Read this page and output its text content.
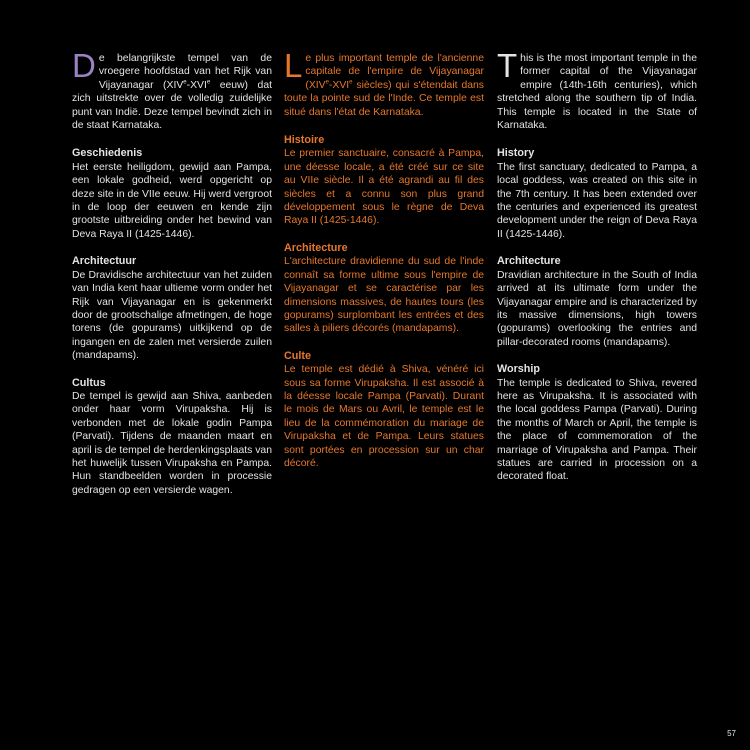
De belangrijkste tempel van de vroegere hoofdstad van het Rijk van Vijayanagar (XIVe-XVIe eeuw) dat zich uitstrekte over de volledig zuidelijke punt van Indië. Deze tempel bevindt zich in de staat Karnataka.

Geschiedenis

Het eerste heiligdom, gewijd aan Pampa, een lokale godheid, werd opgericht op deze site in de VIIe eeuw. Hij werd vergroot in de loop der eeuwen en kende zijn grootste uitbreiding onder het bewind van Deva Raya II (1425-1446).

Architectuur

De Dravidische architectuur van het zuiden van India kent haar ultieme vorm onder het Rijk van Vijayanagar en is gekenmerkt door de grootschalige afmetingen, de hoge torens (de gopurams) uitkijkend op de ingangen en de zalen met versierde zuilen (mandapams).

Cultus

De tempel is gewijd aan Shiva, aanbeden onder haar vorm Virupaksha. Hij is verbonden met de lokale godin Pampa (Parvati). Tijdens de maanden maart en april is de tempel de herdenkingsplaats van het huwelijk tussen Virupaksha en Pampa. Hun standbeelden worden in processie gedragen op een versierde wagen.

Le plus important temple de l'ancienne capitale de l'empire de Vijayanagar (XIVe-XVIe siècles) qui s'étendait dans toute la pointe sud de l'Inde. Ce temple est situé dans l'état de Karnataka.

Histoire

Le premier sanctuaire, consacré à Pampa, une déesse locale, a été créé sur ce site au VIIe siècle. Il a été agrandi au fil des siècles et a connu son plus grand développement sous le règne de Deva Raya II (1425-1446).

Architecture

L'architecture dravidienne du sud de l'inde connaît sa forme ultime sous l'empire de Vijayanagar et se caractérise par les dimensions massives, de hautes tours (les gopurams) surplombant les entrées et des salles à piliers décorés (mandapams).

Culte

Le temple est dédié à Shiva, vénéré ici sous sa forme Virupaksha. Il est associé à la déesse locale Pampa (Parvati). Durant le mois de Mars ou Avril, le temple est le lieu de la commémoration du mariage de Virupaksha et de Pampa. Leurs statues sont portées en procession sur un char décoré.

This is the most important temple in the former capital of the Vijayanagar empire (14th-16th centuries), which stretched along the southern tip of India. This temple is located in the State of Karnataka.

History

The first sanctuary, dedicated to Pampa, a local goddess, was created on this site in the 7th century. It has been extended over the centuries and experienced its greatest development under the reign of Deva Raya II (1425-1446).

Architecture

Dravidian architecture in the South of India arrived at its ultimate form under the Vijayanagar empire and is characterized by its massive dimensions, high towers (gopurams) overlooking the entries and pillar-decorated rooms (mandapams).

Worship

The temple is dedicated to Shiva, revered here as Virupaksha. It is associated with the local goddess Pampa (Parvati). During the months of March or April, the temple is the place of commemoration of the marriage of Virupaksha and Pampa. Their statues are carried in procession on a decorated float.

57
